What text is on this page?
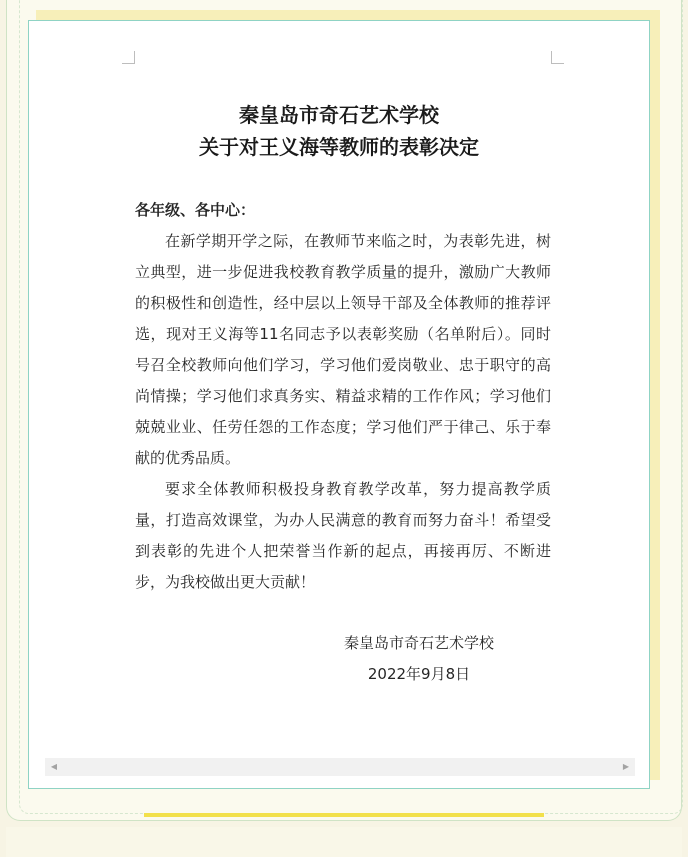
秦皇岛市奇石艺术学校
关于对王义海等教师的表彰决定

各年级、各中心：

在新学期开学之际，在教师节来临之时，为表彰先进，树立典型，进一步促进我校教育教学质量的提升，激励广大教师的积极性和创造性，经中层以上领导干部及全体教师的推荐评选，现对王义海等11名同志予以表彰奖励（名单附后）。同时号召全校教师向他们学习，学习他们爱岗敬业、忠于职守的高尚情操；学习他们求真务实、精益求精的工作作风；学习他们兢兢业业、任劳任怨的工作态度；学习他们严于律己、乐于奉献的优秀品质。

要求全体教师积极投身教育教学改革，努力提高教学质量，打造高效课堂，为办人民满意的教育而努力奋斗！希望受到表彰的先进个人把荣誉当作新的起点，再接再厉、不断进步，为我校做出更大贡献！

秦皇岛市奇石艺术学校
2022年9月8日
◀	▶
